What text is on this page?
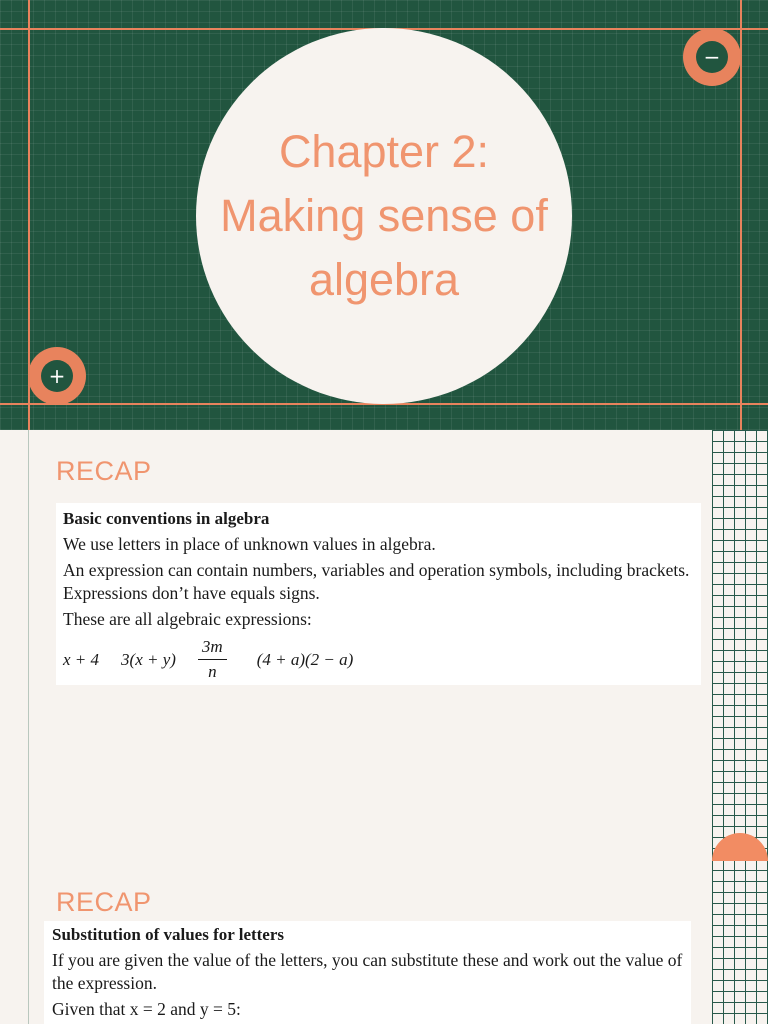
Chapter 2: Making sense of algebra
−
+
RECAP
Basic conventions in algebra

We use letters in place of unknown values in algebra.

An expression can contain numbers, variables and operation symbols, including brackets. Expressions don’t have equals signs.

These are all algebraic expressions:

x + 4 $3(x + y) \frac{3m}{n} (4 + a)(2 - a)$
RECAP
Substitution of values for letters

If you are given the value of the letters, you can substitute these and work out the value of the expression.

Given that x = 2 and y = 5:
